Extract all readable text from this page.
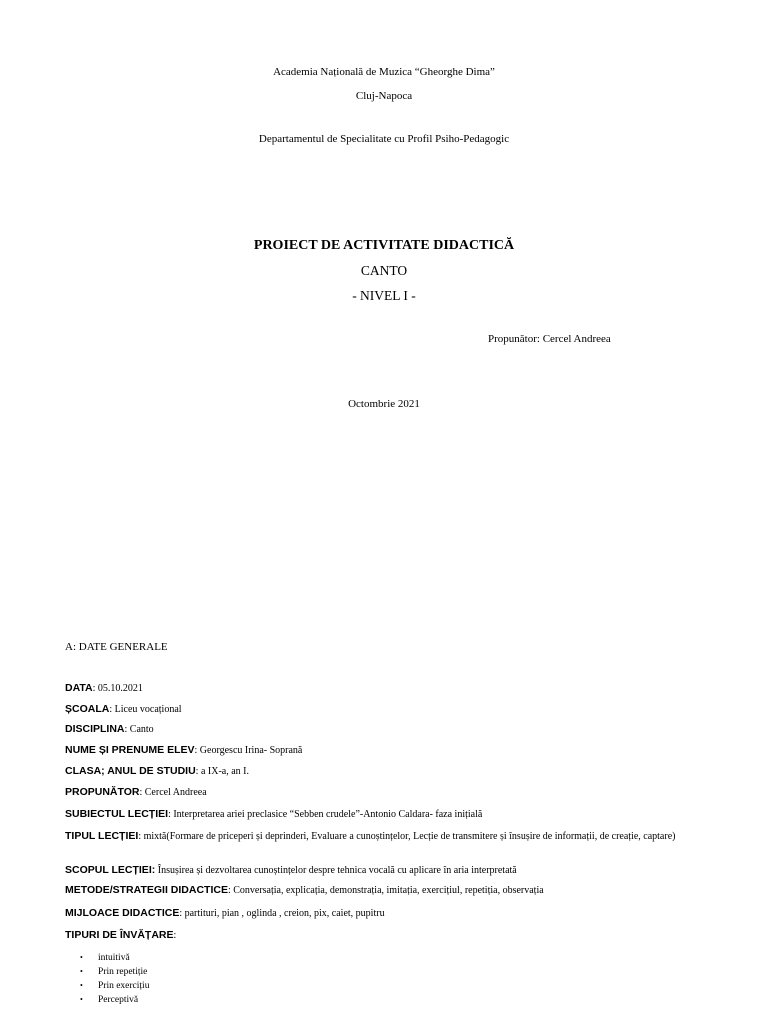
Academia Națională de Muzica “Gheorghe Dima”
Cluj-Napoca
Departamentul de Specialitate cu Profil Psiho-Pedagogic
PROIECT DE ACTIVITATE DIDACTICĂ
CANTO
- NIVEL I -
Propunător: Cercel Andreea
Octombrie 2021
A: DATE GENERALE
DATA: 05.10.2021
ȘCOALA: Liceu vocațional
DISCIPLINA: Canto
NUME ȘI PRENUME ELEV: Georgescu Irina- Soprană
CLASA; ANUL DE STUDIU: a IX-a, an I.
PROPUNĂTOR: Cercel Andreea
SUBIECTUL LECȚIEI: Interpretarea ariei preclasice “Sebben crudele”-Antonio Caldara- faza inițială
TIPUL LECȚIEI: mixtă(Formare de priceperi și deprinderi, Evaluare a cunoștințelor, Lecție de transmitere și însușire de informații, de creație, captare)
SCOPUL LECȚIEI: Însușirea și dezvoltarea cunoștințelor despre tehnica vocală cu aplicare în aria interpretată
METODE/STRATEGII DIDACTICE: Conversația, explicația, demonstrația, imitația, exercițiul, repetiția, observația
MIJLOACE DIDACTICE: partituri, pian , oglinda , creion, pix, caiet, pupitru
TIPURI DE ÎNVĂȚARE:
• intuitivă
• Prin repetiție
• Prin exercițiu
• Perceptivă
